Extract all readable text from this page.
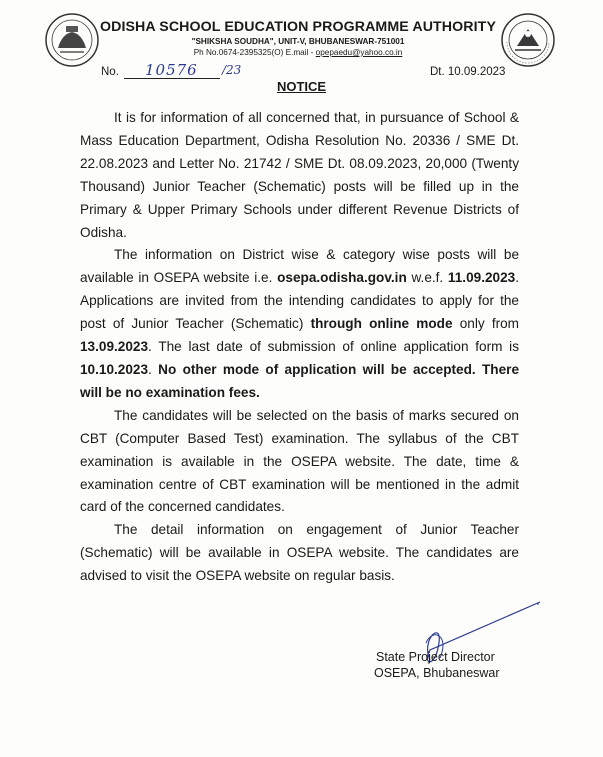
ODISHA SCHOOL EDUCATION PROGRAMME AUTHORITY
"SHIKSHA SOUDHA", UNIT-V, BHUBANESWAR-751001
Ph No.0674-2395325(O) E.mail - opepaedu@yahoo.co.in
No. 10576 /23	Dt. 10.09.2023
NOTICE

It is for information of all concerned that, in pursuance of School & Mass Education Department, Odisha Resolution No. 20336 / SME Dt. 22.08.2023 and Letter No. 21742 / SME Dt. 08.09.2023, 20,000 (Twenty Thousand) Junior Teacher (Schematic) posts will be filled up in the Primary & Upper Primary Schools under different Revenue Districts of Odisha.

The information on District wise & category wise posts will be available in OSEPA website i.e. osepa.odisha.gov.in w.e.f. 11.09.2023. Applications are invited from the intending candidates to apply for the post of Junior Teacher (Schematic) through online mode only from 13.09.2023. The last date of submission of online application form is 10.10.2023. No other mode of application will be accepted. There will be no examination fees.

The candidates will be selected on the basis of marks secured on CBT (Computer Based Test) examination. The syllabus of the CBT examination is available in the OSEPA website. The date, time & examination centre of CBT examination will be mentioned in the admit card of the concerned candidates.

The detail information on engagement of Junior Teacher (Schematic) will be available in OSEPA website. The candidates are advised to visit the OSEPA website on regular basis.

State Project Director
OSEPA, Bhubaneswar
